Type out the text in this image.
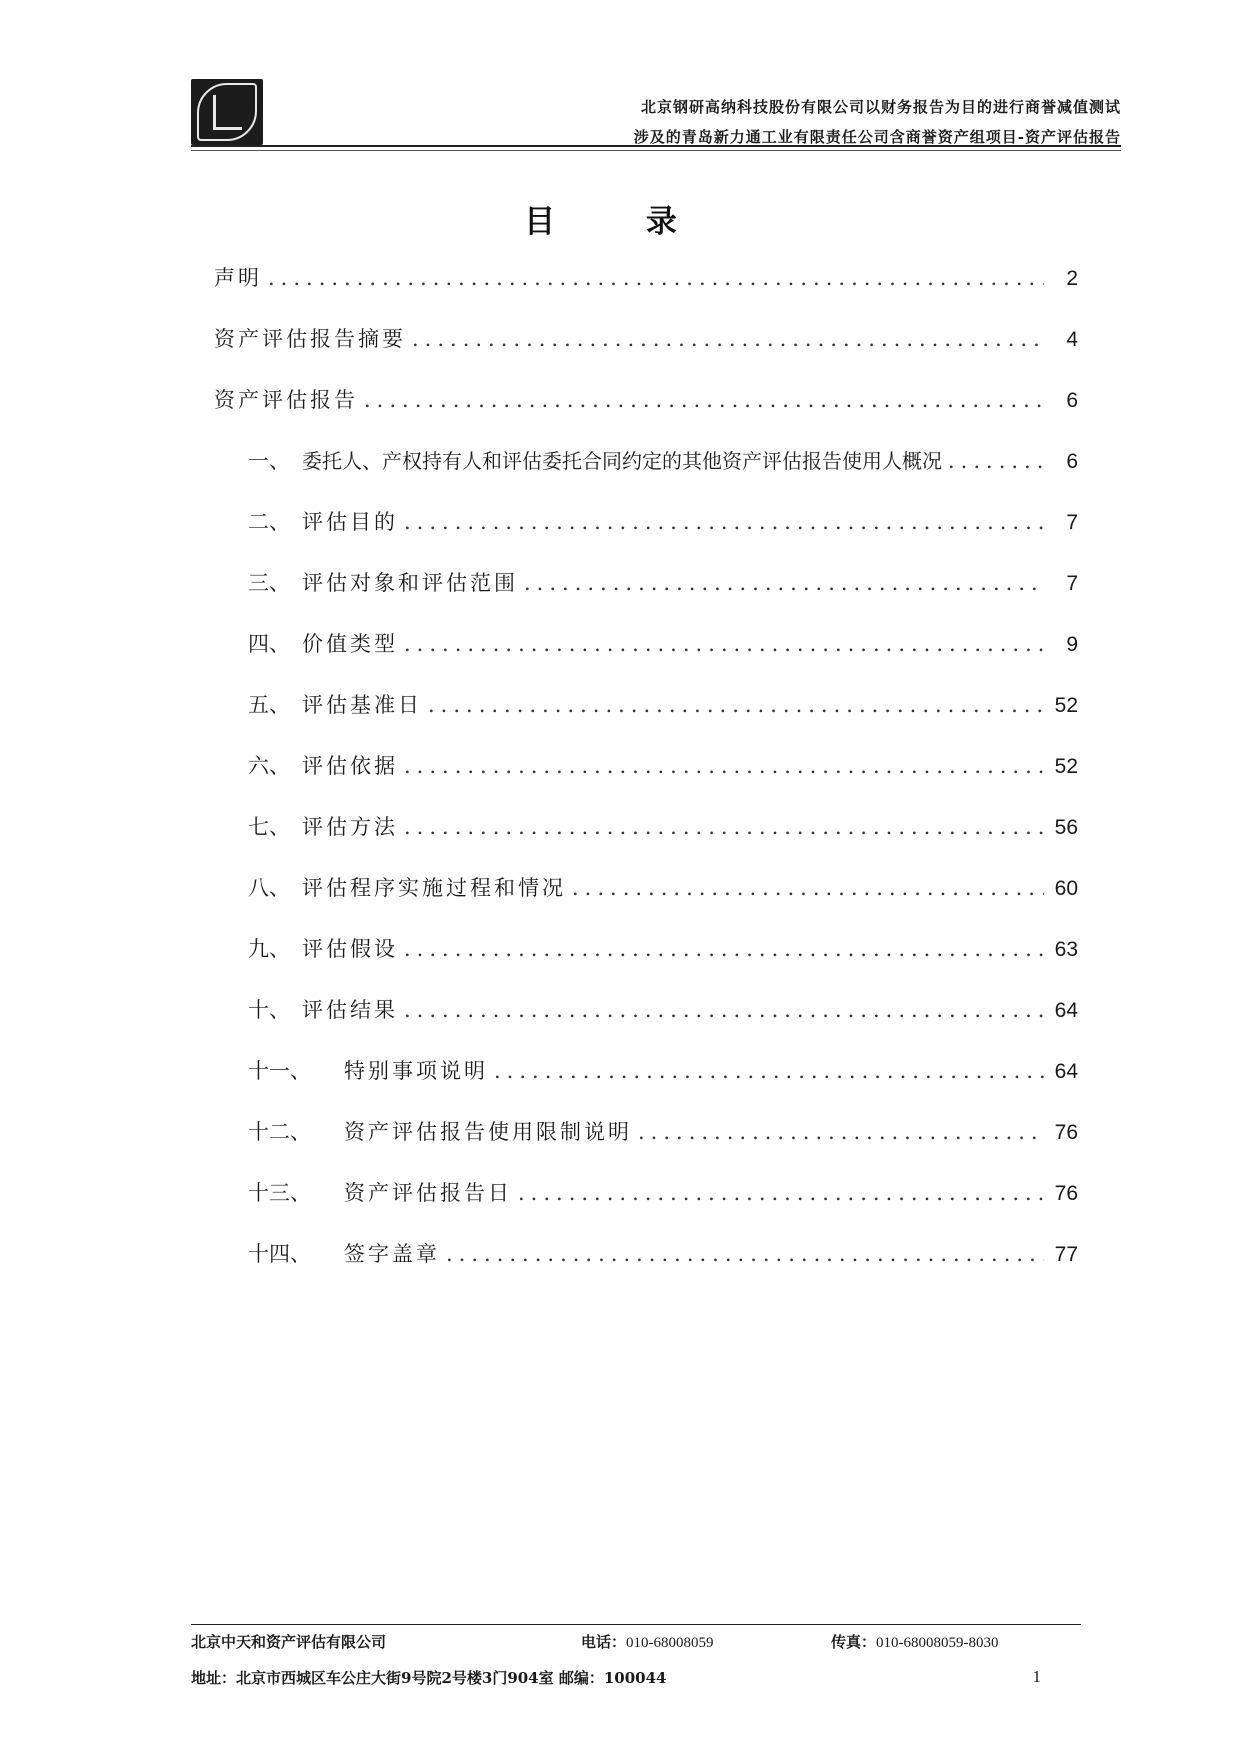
北京钢研高纳科技股份有限公司以财务报告为目的进行商誉减值测试
涉及的青岛新力通工业有限责任公司含商誉资产组项目-资产评估报告
目 录
声明 .....	2
资产评估报告摘要 .....	4
资产评估报告 .....	6
一、 委托人、产权持有人和评估委托合同约定的其他资产评估报告使用人概况 .....	6
二、 评估目的 .....	7
三、 评估对象和评估范围 .....	7
四、 价值类型 .....	9
五、 评估基准日 .....	52
六、 评估依据 .....	52
七、 评估方法 .....	56
八、 评估程序实施过程和情况 .....	60
九、 评估假设 .....	63
十、 评估结果 .....	64
十一、	特别事项说明 .....	64
十二、	资产评估报告使用限制说明 .....	76
十三、	资产评估报告日 .....	76
十四、	签字盖章 .....	77
北京中天和资产评估有限公司	电话：010-68008059	传真：010-68008059-8030
地址：北京市西城区车公庄大街9号院2号楼3门904室 邮编：100044	1
